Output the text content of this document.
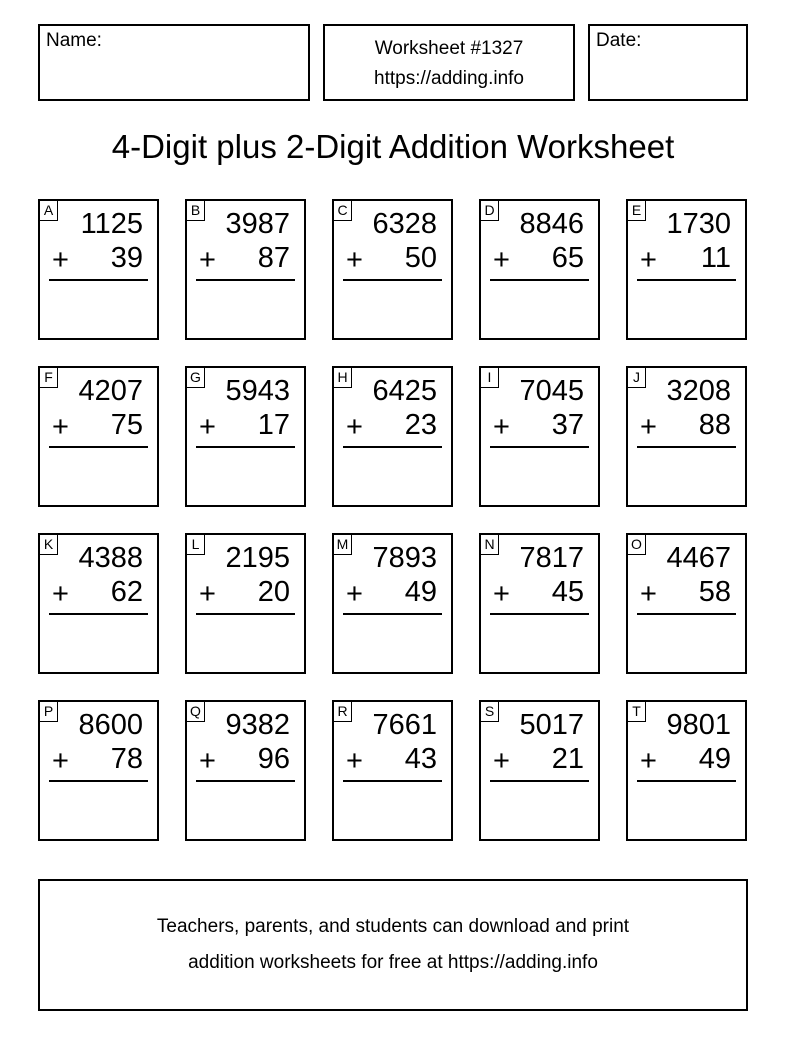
Name:	Worksheet #1327
https://adding.info
Date:
4-Digit plus 2-Digit Addition Worksheet
A 1125
+ 39
B 3987
+ 87
C 6328
+ 50
D 8846
+ 65
E 1730
+ 11
F 4207
+ 75
G 5943
+ 17
H 6425
+ 23
I 7045
+ 37
J 3208
+ 88
K 4388
+ 62
L 2195
+ 20
M 7893
+ 49
N 7817
+ 45
O 4467
+ 58
P 8600
+ 78
Q 9382
+ 96
R 7661
+ 43
S 5017
+ 21
T 9801
+ 49
Teachers, parents, and students can download and print
addition worksheets for free at https://adding.info
